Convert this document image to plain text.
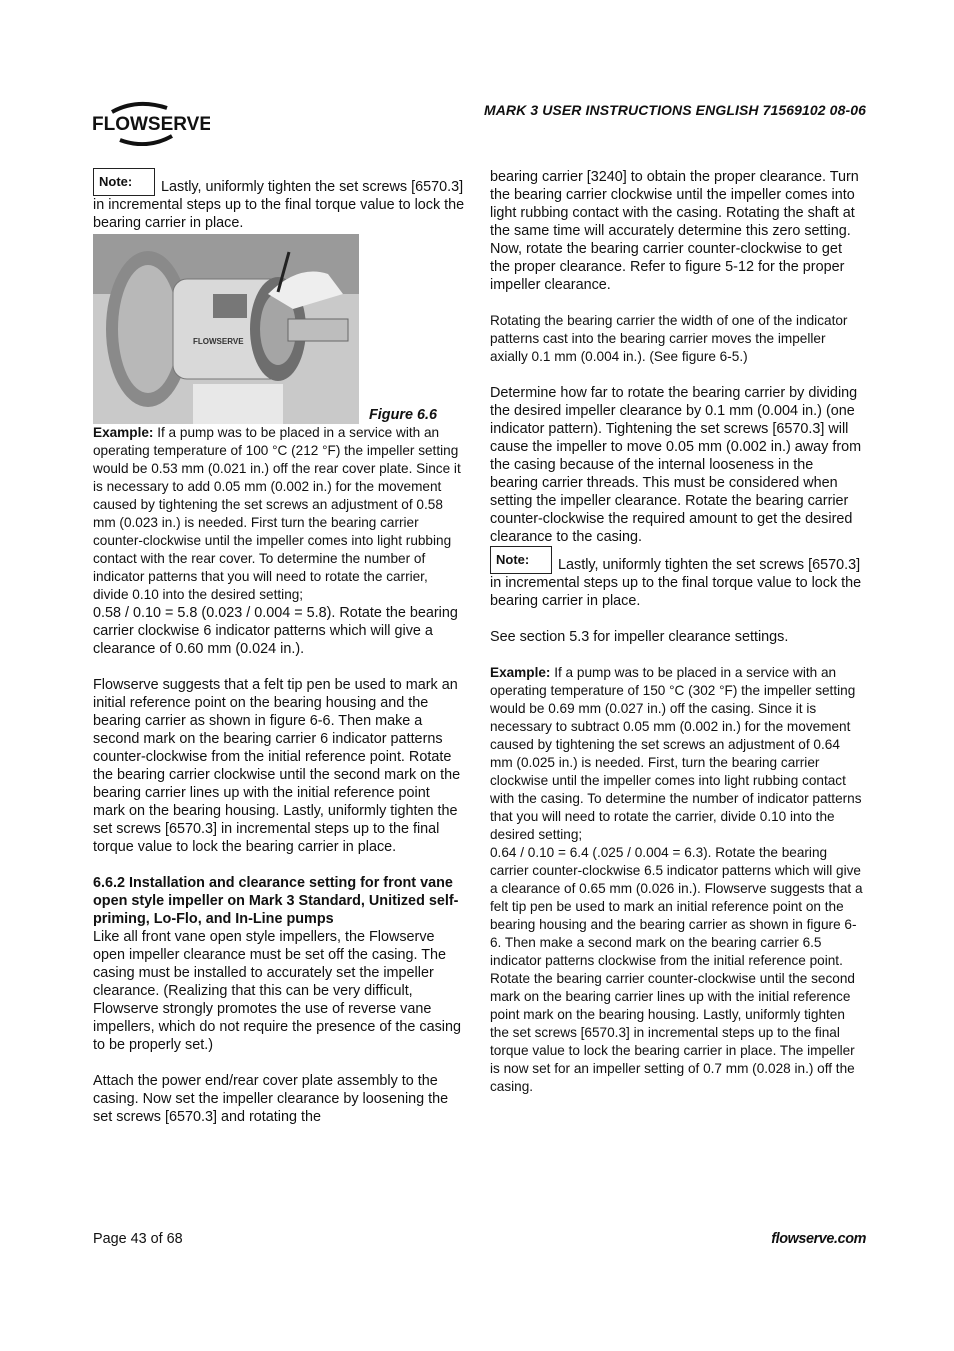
FLOWSERVE
MARK 3 USER INSTRUCTIONS ENGLISH 71569102 08-06

Note: Lastly, uniformly tighten the set screws [6570.3] in incremental steps up to the final torque value to lock the bearing carrier in place.

FLOWSERVE
Figure 6.6

Example: If a pump was to be placed in a service with an operating temperature of 100 °C (212 °F) the impeller setting would be 0.53 mm (0.021 in.) off the rear cover plate. Since it is necessary to add 0.05 mm (0.002 in.) for the movement caused by tightening the set screws an adjustment of 0.58 mm (0.023 in.) is needed. First turn the bearing carrier counter-clockwise until the impeller comes into light rubbing contact with the rear cover. To determine the number of indicator patterns that you will need to rotate the carrier, divide 0.10 into the desired setting;

0.58 / 0.10 = 5.8 (0.023 / 0.004 = 5.8). Rotate the bearing carrier clockwise 6 indicator patterns which will give a clearance of 0.60 mm (0.024 in.).

Flowserve suggests that a felt tip pen be used to mark an initial reference point on the bearing housing and the bearing carrier as shown in figure 6-6. Then make a second mark on the bearing carrier 6 indicator patterns counter-clockwise from the initial reference point. Rotate the bearing carrier clockwise until the second mark on the bearing carrier lines up with the initial reference point mark on the bearing housing. Lastly, uniformly tighten the set screws [6570.3] in incremental steps up to the final torque value to lock the bearing carrier in place.

6.6.2 Installation and clearance setting for front vane open style impeller on Mark 3 Standard, Unitized self-priming, Lo-Flo, and In-Line pumps

Like all front vane open style impellers, the Flowserve open impeller clearance must be set off the casing. The casing must be installed to accurately set the impeller clearance. (Realizing that this can be very difficult, Flowserve strongly promotes the use of reverse vane impellers, which do not require the presence of the casing to be properly set.)

Attach the power end/rear cover plate assembly to the casing. Now set the impeller clearance by loosening the set screws [6570.3] and rotating the

bearing carrier [3240] to obtain the proper clearance. Turn the bearing carrier clockwise until the impeller comes into light rubbing contact with the casing. Rotating the shaft at the same time will accurately determine this zero setting. Now, rotate the bearing carrier counter-clockwise to get the proper clearance. Refer to figure 5-12 for the proper impeller clearance.

Rotating the bearing carrier the width of one of the indicator patterns cast into the bearing carrier moves the impeller axially 0.1 mm (0.004 in.). (See figure 6-5.)

Determine how far to rotate the bearing carrier by dividing the desired impeller clearance by 0.1 mm (0.004 in.) (one indicator pattern). Tightening the set screws [6570.3] will cause the impeller to move 0.05 mm (0.002 in.) away from the casing because of the internal looseness in the bearing carrier threads. This must be considered when setting the impeller clearance. Rotate the bearing carrier counter-clockwise the required amount to get the desired clearance to the casing.

Note: Lastly, uniformly tighten the set screws [6570.3] in incremental steps up to the final torque value to lock the bearing carrier in place.

See section 5.3 for impeller clearance settings.

Example: If a pump was to be placed in a service with an operating temperature of 150 °C (302 °F) the impeller setting would be 0.69 mm (0.027 in.) off the casing. Since it is necessary to subtract 0.05 mm (0.002 in.) for the movement caused by tightening the set screws an adjustment of 0.64 mm (0.025 in.) is needed. First, turn the bearing carrier clockwise until the impeller comes into light rubbing contact with the casing. To determine the number of indicator patterns that you will need to rotate the carrier, divide 0.10 into the desired setting;

0.64 / 0.10 = 6.4 (.025 / 0.004 = 6.3). Rotate the bearing carrier counter-clockwise 6.5 indicator patterns which will give a clearance of 0.65 mm (0.026 in.). Flowserve suggests that a felt tip pen be used to mark an initial reference point on the bearing housing and the bearing carrier as shown in figure 6-6. Then make a second mark on the bearing carrier 6.5 indicator patterns clockwise from the initial reference point. Rotate the bearing carrier counter-clockwise until the second mark on the bearing carrier lines up with the initial reference point mark on the bearing housing. Lastly, uniformly tighten the set screws [6570.3] in incremental steps up to the final torque value to lock the bearing carrier in place. The impeller is now set for an impeller setting of 0.7 mm (0.028 in.) off the casing.

Page 43 of 68	flowserve.com
